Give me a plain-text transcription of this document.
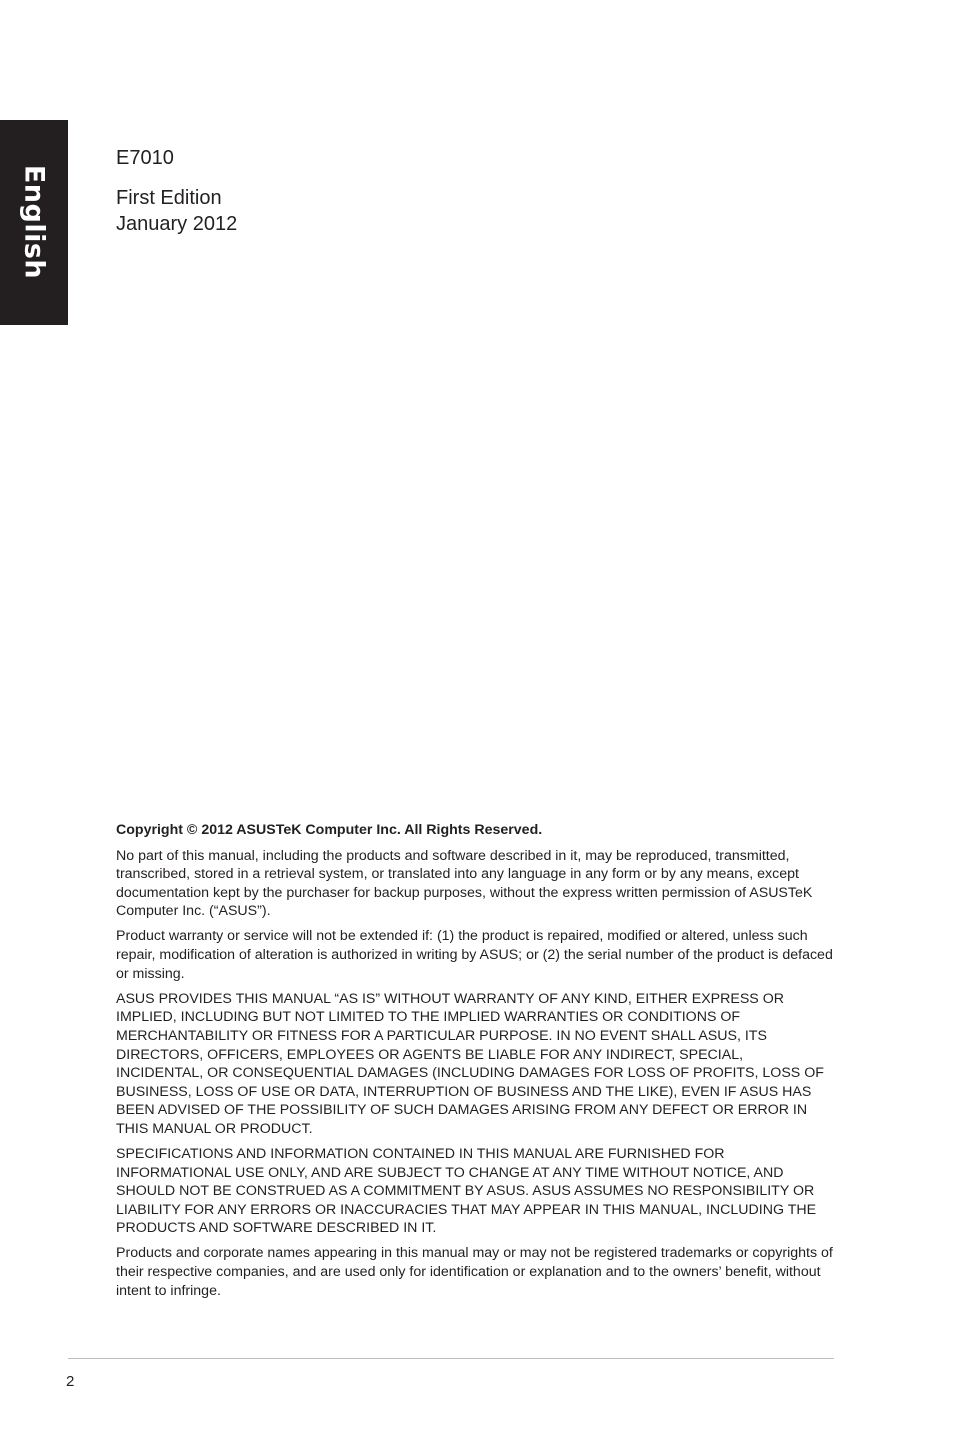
English
E7010
First Edition
January 2012

Copyright © 2012 ASUSTeK Computer Inc. All Rights Reserved.

No part of this manual, including the products and software described in it, may be reproduced, transmitted, transcribed, stored in a retrieval system, or translated into any language in any form or by any means, except documentation kept by the purchaser for backup purposes, without the express written permission of ASUSTeK Computer Inc. (“ASUS”).

Product warranty or service will not be extended if: (1) the product is repaired, modified or altered, unless such repair, modification of alteration is authorized in writing by ASUS; or (2) the serial number of the product is defaced or missing.

ASUS PROVIDES THIS MANUAL “AS IS” WITHOUT WARRANTY OF ANY KIND, EITHER EXPRESS OR IMPLIED, INCLUDING BUT NOT LIMITED TO THE IMPLIED WARRANTIES OR CONDITIONS OF MERCHANTABILITY OR FITNESS FOR A PARTICULAR PURPOSE. IN NO EVENT SHALL ASUS, ITS DIRECTORS, OFFICERS, EMPLOYEES OR AGENTS BE LIABLE FOR ANY INDIRECT, SPECIAL, INCIDENTAL, OR CONSEQUENTIAL DAMAGES (INCLUDING DAMAGES FOR LOSS OF PROFITS, LOSS OF BUSINESS, LOSS OF USE OR DATA, INTERRUPTION OF BUSINESS AND THE LIKE), EVEN IF ASUS HAS BEEN ADVISED OF THE POSSIBILITY OF SUCH DAMAGES ARISING FROM ANY DEFECT OR ERROR IN THIS MANUAL OR PRODUCT.

SPECIFICATIONS AND INFORMATION CONTAINED IN THIS MANUAL ARE FURNISHED FOR INFORMATIONAL USE ONLY, AND ARE SUBJECT TO CHANGE AT ANY TIME WITHOUT NOTICE, AND SHOULD NOT BE CONSTRUED AS A COMMITMENT BY ASUS. ASUS ASSUMES NO RESPONSIBILITY OR LIABILITY FOR ANY ERRORS OR INACCURACIES THAT MAY APPEAR IN THIS MANUAL, INCLUDING THE PRODUCTS AND SOFTWARE DESCRIBED IN IT.

Products and corporate names appearing in this manual may or may not be registered trademarks or copyrights of their respective companies, and are used only for identification or explanation and to the owners’ benefit, without intent to infringe.

2
